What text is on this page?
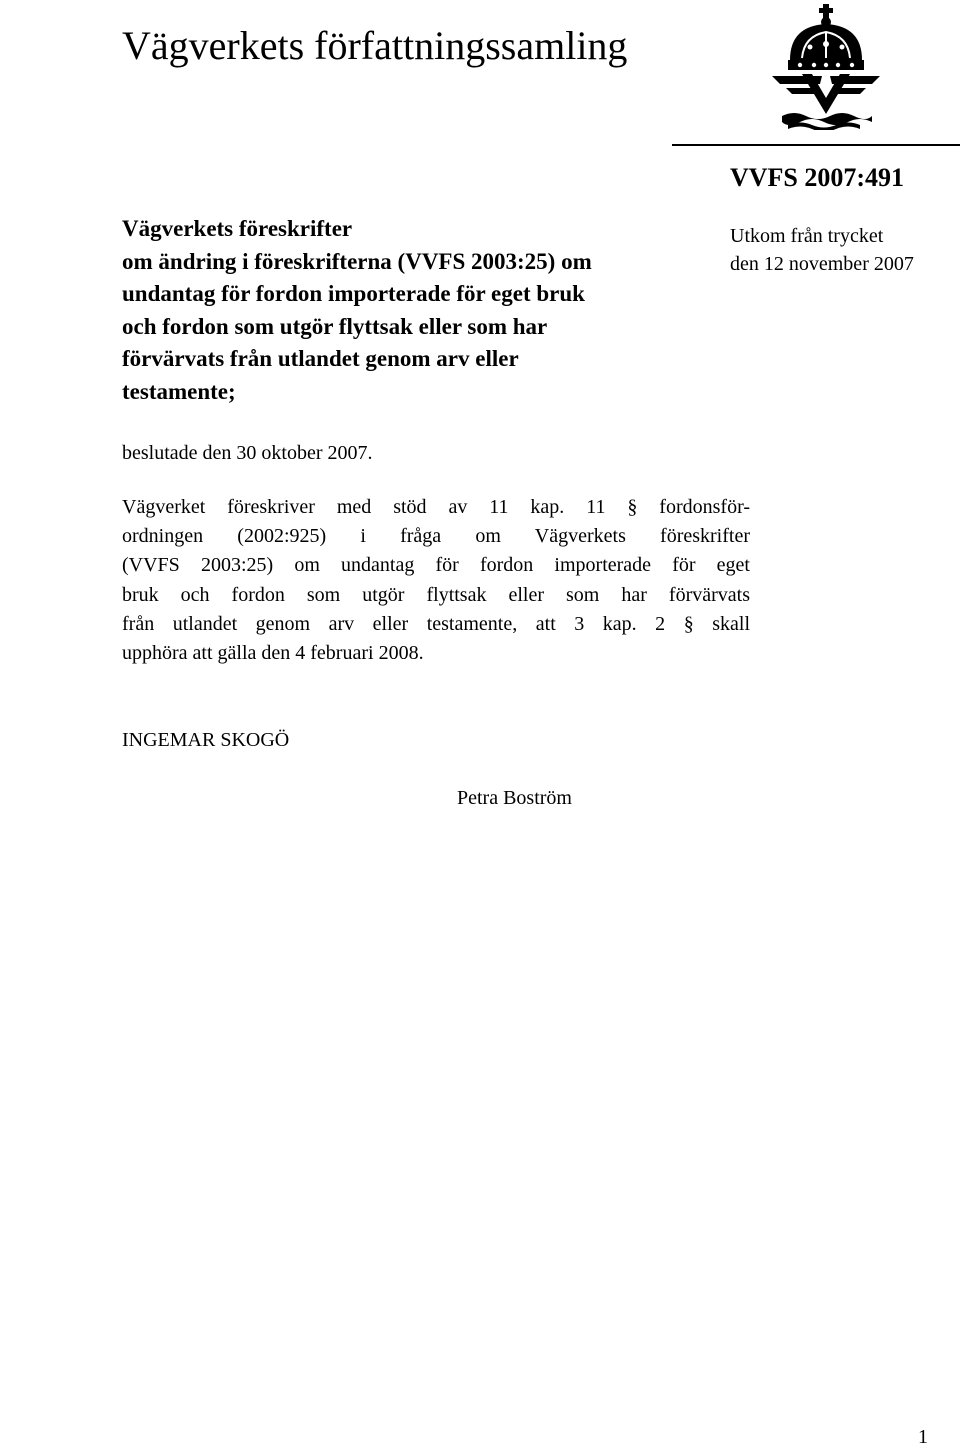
Vägverkets författningssamling
VVFS 2007:491
Utkom från trycket
den 12 november 2007
Vägverkets föreskrifter
om ändring i föreskrifterna (VVFS 2003:25) om
undantag för fordon importerade för eget bruk
och fordon som utgör flyttsak eller som har
förvärvats från utlandet genom arv eller
testamente;
beslutade den 30 oktober 2007.
Vägverket föreskriver med stöd av 11 kap. 11 § fordonsför-
ordningen (2002:925) i fråga om Vägverkets föreskrifter
(VVFS 2003:25) om undantag för fordon importerade för eget
bruk och fordon som utgör flyttsak eller som har förvärvats
från utlandet genom arv eller testamente, att 3 kap. 2 § skall
upphöra att gälla den 4 februari 2008.
INGEMAR SKOGÖ
Petra Boström
1
